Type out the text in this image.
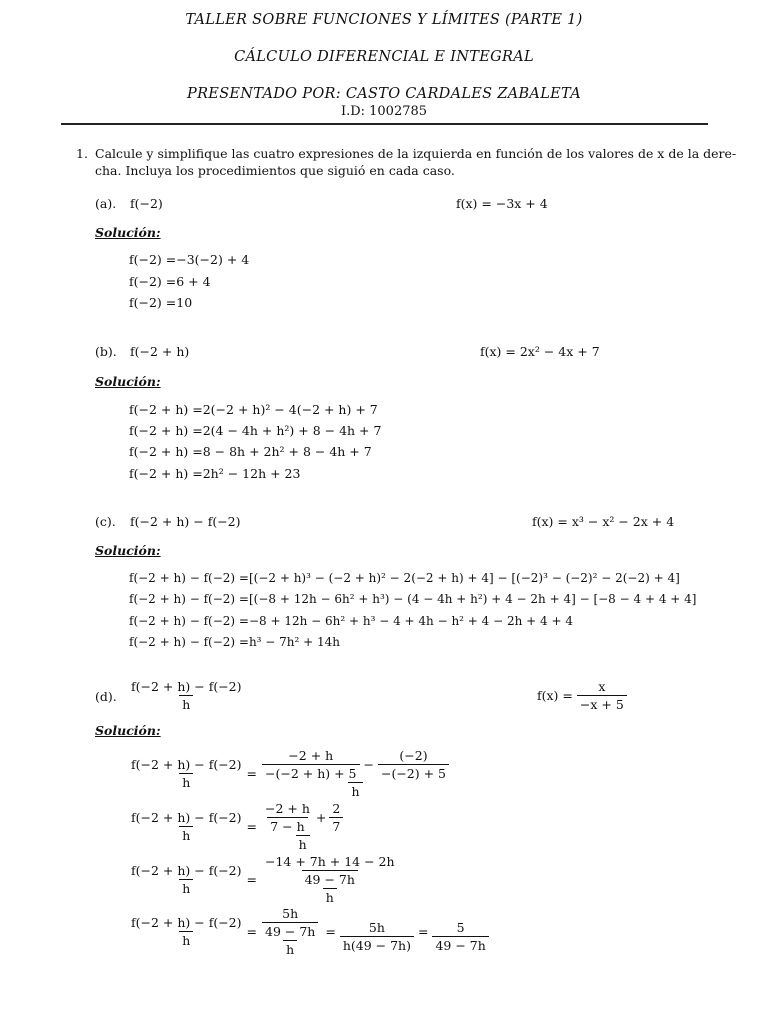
TALLER SOBRE FUNCIONES Y LÍMITES (PARTE 1)
CÁLCULO DIFERENCIAL E INTEGRAL
PRESENTADO POR: CASTO CARDALES ZABALETA
I.D: 1002785
1. Calcule y simplifique las cuatro expresiones de la izquierda en función de los valores de x de la dere-
cha. Incluya los procedimientos que siguió en cada caso.
(a). f(−2)	f(x) = −3x + 4
Solución:
f(−2) =−3(−2) + 4
f(−2) =6 + 4
f(−2) =10
(b). f(−2 + h)	f(x) = 2x² − 4x + 7
Solución:
f(−2 + h) =2(−2 + h)² − 4(−2 + h) + 7
f(−2 + h) =2(4 − 4h + h²) + 8 − 4h + 7
f(−2 + h) =8 − 8h + 2h² + 8 − 4h + 7
f(−2 + h) =2h² − 12h + 23
(c). f(−2 + h) − f(−2)	f(x) = x³ − x² − 2x + 4
Solución:
f(−2 + h) − f(−2) =[(−2 + h)³ − (−2 + h)² − 2(−2 + h) + 4] − [(−2)³ − (−2)² − 2(−2) + 4]
f(−2 + h) − f(−2) =[(−8 + 12h − 6h² + h³) − (4 − 4h + h²) + 4 − 2h + 4] − [−8 − 4 + 4 + 4]
f(−2 + h) − f(−2) =−8 + 12h − 6h² + h³ − 4 + 4h − h² + 4 − 2h + 4 + 4
f(−2 + h) − f(−2) =h³ − 7h² + 14h
(d). $\frac{f(-2 + h) - f(-2)}{h}$	$f(x) = \frac{x}{-x + 5}$
Solución:
$\frac{f(-2 + h) - f(-2)}{h} = \frac{\frac{-2 + h}{-(-2 + h) + 5} - \frac{(-2)}{-(-2) + 5}}{h}$
$\frac{f(-2 + h) - f(-2)}{h} = \frac{\frac{-2 + h}{7 - h} + \frac{2}{7}}{h}$
$\frac{f(-2 + h) - f(-2)}{h} = \frac{\frac{-14 + 7h + 14 - 2h}{49 - 7h}}{h}$
$\frac{f(-2 + h) - f(-2)}{h} = \frac{\frac{5h}{49 - 7h}}{h} = \frac{5h}{h(49 - 7h)} = \frac{5}{49 - 7h}$
